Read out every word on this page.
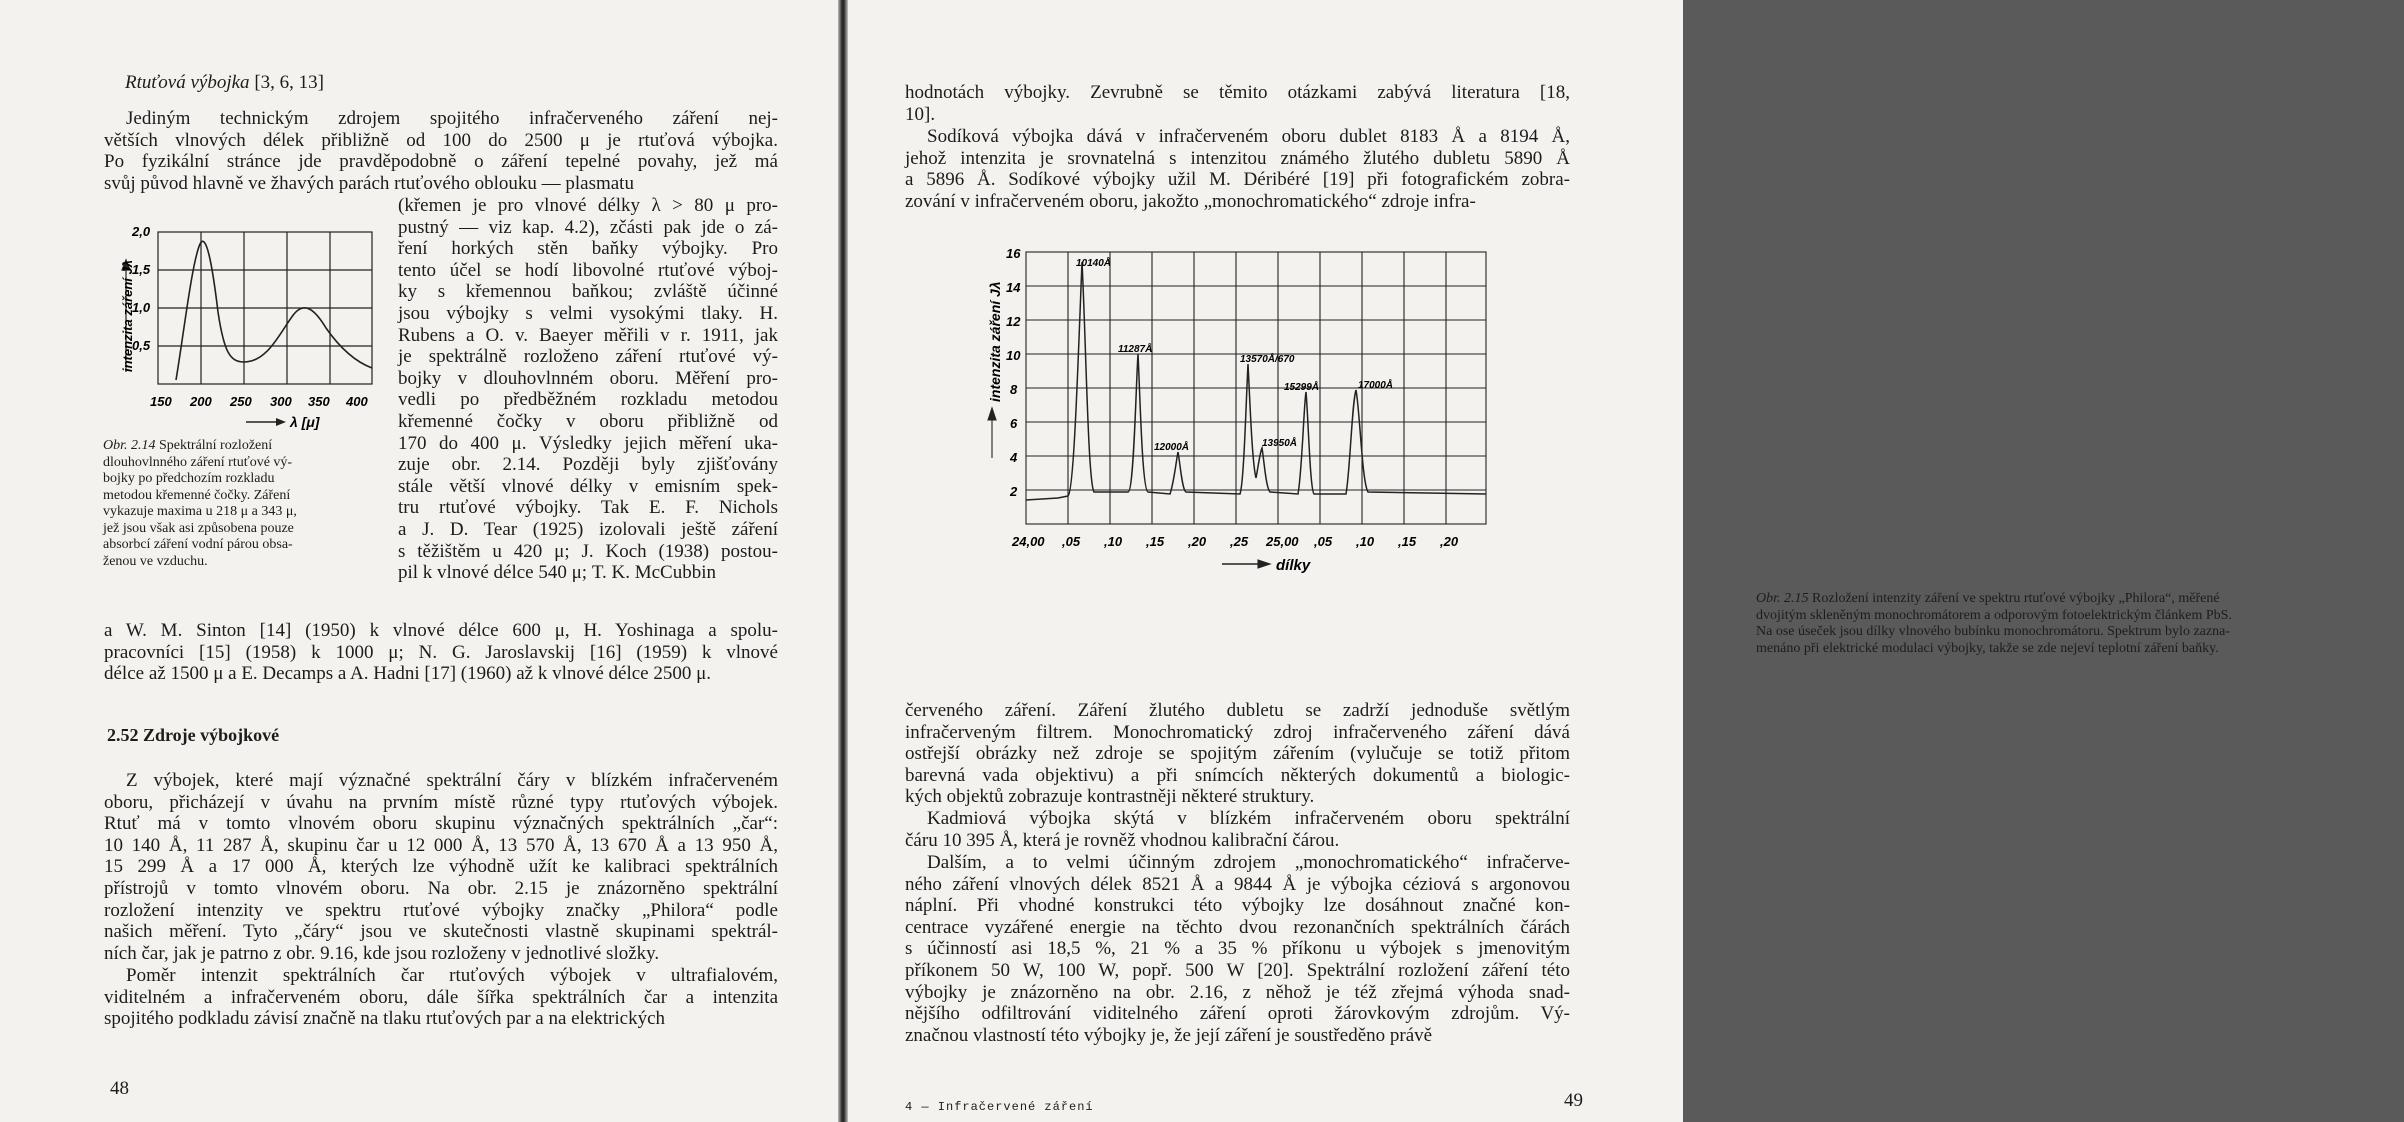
Rtuťová výbojka [3, 6, 13]
Jediným technickým zdrojem spojitého infračerveného záření nej-
větších vlnových délek přibližně od 100 do 2500 μ je rtuťová výbojka.
Po fyzikální stránce jde pravděpodobně o záření tepelné povahy, jež má
svůj původ hlavně ve žhavých parách rtuťového oblouku — plasmatu
(křemen je pro vlnové délky λ > 80 μ pro-
pustný — viz kap. 4.2), zčásti pak jde o zá-
ření horkých stěn baňky výbojky. Pro
tento účel se hodí libovolné rtuťové výboj-
ky s křemennou baňkou; zvláště účinné
jsou výbojky s velmi vysokými tlaky. H.
Rubens a O. v. Baeyer měřili v r. 1911, jak
je spektrálně rozloženo záření rtuťové vý-
bojky v dlouhovlnném oboru. Měření pro-
vedli po předběžném rozkladu metodou
křemenné čočky v oboru přibližně od
170 do 400 μ. Výsledky jejich měření uka-
zuje obr. 2.14. Později byly zjišťovány
stále větší vlnové délky v emisním spek-
tru rtuťové výbojky. Tak E. F. Nichols
a J. D. Tear (1925) izolovali ještě záření
s těžištěm u 420 μ; J. Koch (1938) postou-
pil k vlnové délce 540 μ; T. K. McCubbin
a W. M. Sinton [14] (1950) k vlnové délce 600 μ, H. Yoshinaga a spolu-
pracovníci [15] (1958) k 1000 μ; N. G. Jaroslavskij [16] (1959) k vlnové
délce až 1500 μ a E. Decamps a A. Hadni [17] (1960) až k vlnové délce 2500 μ.
intenzita záření Jλ
2,0
1,5
1,0
0,5
150 200 250 300 350 400
λ [μ]
Obr. 2.14 Spektrální rozložení
dlouhovlnného záření rtuťové vý-
bojky po předchozím rozkladu
metodou křemenné čočky. Záření
vykazuje maxima u 218 μ a 343 μ,
jež jsou však asi způsobena pouze
absorbcí záření vodní párou obsa-
ženou ve vzduchu.
2.52 Zdroje výbojkové
Z výbojek, které mají význačné spektrální čáry v blízkém infračerveném
oboru, přicházejí v úvahu na prvním místě různé typy rtuťových výbojek.
Rtuť má v tomto vlnovém oboru skupinu význačných spektrálních „čar“:
10 140 Å, 11 287 Å, skupinu čar u 12 000 Å, 13 570 Å, 13 670 Å a 13 950 Å,
15 299 Å a 17 000 Å, kterých lze výhodně užít ke kalibraci spektrálních
přístrojů v tomto vlnovém oboru. Na obr. 2.15 je znázorněno spektrální
rozložení intenzity ve spektru rtuťové výbojky značky „Philora“ podle
našich měření. Tyto „čáry“ jsou ve skutečnosti vlastně skupinami spektrál-
ních čar, jak je patrno z obr. 9.16, kde jsou rozloženy v jednotlivé složky.
Poměr intenzit spektrálních čar rtuťových výbojek v ultrafialovém,
viditelném a infračerveném oboru, dále šířka spektrálních čar a intenzita
spojitého podkladu závisí značně na tlaku rtuťových par a na elektrických
48
hodnotách výbojky. Zevrubně se těmito otázkami zabývá literatura [18,
10].
Sodíková výbojka dává v infračerveném oboru dublet 8183 Å a 8194 Å,
jehož intenzita je srovnatelná s intenzitou známého žlutého dubletu 5890 Å
a 5896 Å. Sodíkové výbojky užil M. Déribéré [19] při fotografickém zobra-
zování v infračerveném oboru, jakožto „monochromatického“ zdroje infra-
intenzita záření Jλ
16
14
12
10
8
6
4
2
24,00 ,05 ,10 ,15 ,20 ,25 25,00 ,05 ,10 ,15 ,20
dílky
10140Å
11287Å
12000Å
13570Å/670
13950Å
15299Å	17000Å
Obr. 2.15 Rozložení intenzity záření ve spektru rtuťové výbojky „Philora“, měřené
dvojitým skleněným monochromátorem a odporovým fotoelektrickým článkem PbS.
Na ose úseček jsou dílky vlnového bubínku monochromátoru. Spektrum bylo zazna-
menáno při elektrické modulaci výbojky, takže se zde nejeví teplotní záření baňky.
červeného záření. Záření žlutého dubletu se zadrží jednoduše světlým
infračerveným filtrem. Monochromatický zdroj infračerveného záření dává
ostřejší obrázky než zdroje se spojitým zářením (vylučuje se totiž přitom
barevná vada objektivu) a při snímcích některých dokumentů a biologic-
kých objektů zobrazuje kontrastněji některé struktury.
Kadmiová výbojka skýtá v blízkém infračerveném oboru spektrální
čáru 10 395 Å, která je rovněž vhodnou kalibrační čárou.
Dalším, a to velmi účinným zdrojem „monochromatického“ infračerve-
ného záření vlnových délek 8521 Å a 9844 Å je výbojka céziová s argonovou
náplní. Při vhodné konstrukci této výbojky lze dosáhnout značné kon-
centrace vyzářené energie na těchto dvou rezonančních spektrálních čárách
s účinností asi 18,5 %, 21 % a 35 % příkonu u výbojek s jmenovitým
příkonem 50 W, 100 W, popř. 500 W [20]. Spektrální rozložení záření této
výbojky je znázorněno na obr. 2.16, z něhož je též zřejmá výhoda snad-
nějšího odfiltrování viditelného záření oproti žárovkovým zdrojům. Vý-
značnou vlastností této výbojky je, že její záření je soustředěno právě
4 — Infračervené záření	49
